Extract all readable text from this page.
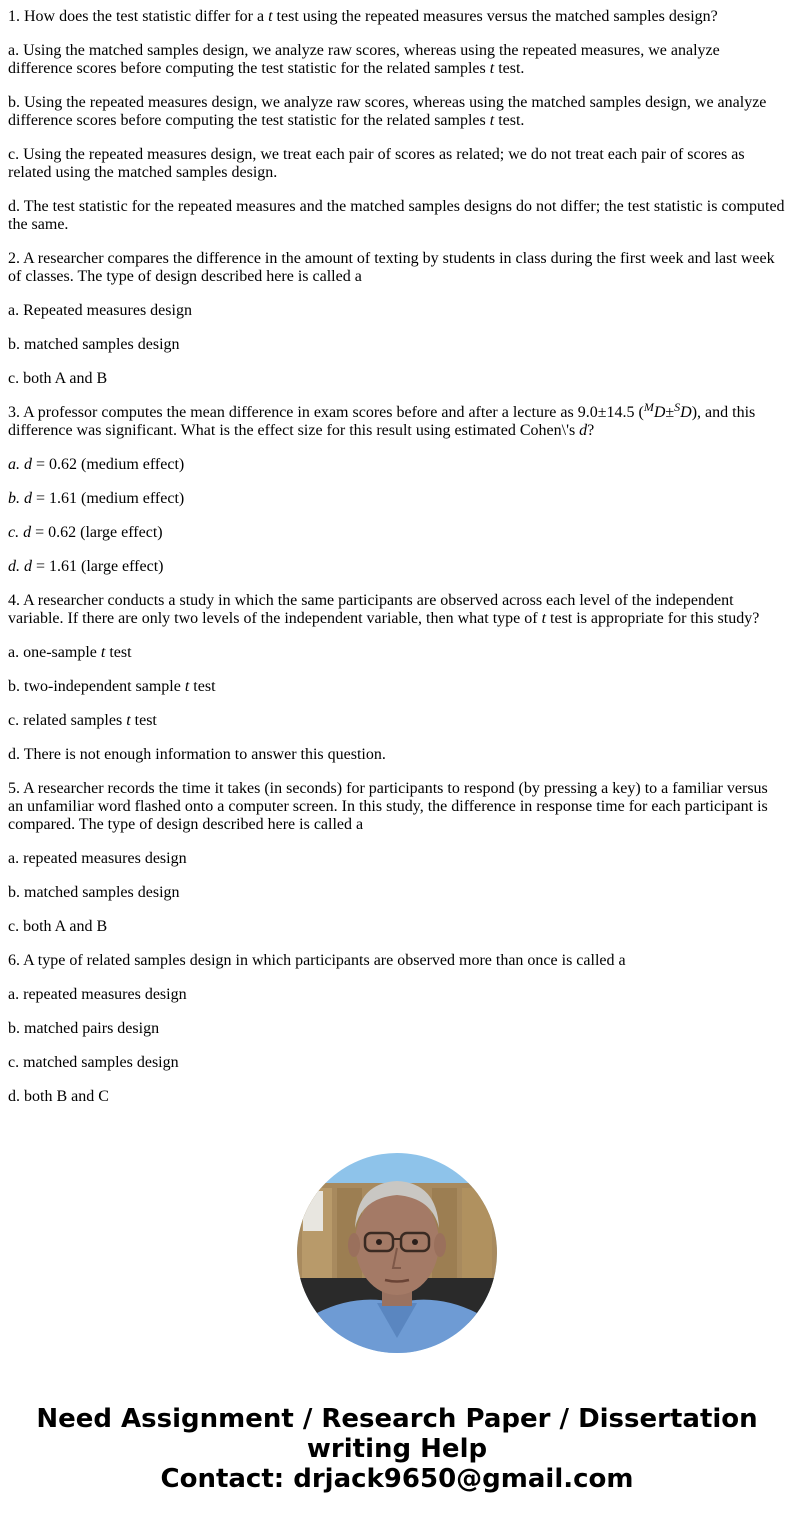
1. How does the test statistic differ for a t test using the repeated measures versus the matched samples design?

a. Using the matched samples design, we analyze raw scores, whereas using the repeated measures, we analyze difference scores before computing the test statistic for the related samples t test.

b. Using the repeated measures design, we analyze raw scores, whereas using the matched samples design, we analyze difference scores before computing the test statistic for the related samples t test.

c. Using the repeated measures design, we treat each pair of scores as related; we do not treat each pair of scores as related using the matched samples design.

d. The test statistic for the repeated measures and the matched samples designs do not differ; the test statistic is computed the same.

2. A researcher compares the difference in the amount of texting by students in class during the first week and last week of classes. The type of design described here is called a

a. Repeated measures design

b. matched samples design

c. both A and B

3. A professor computes the mean difference in exam scores before and after a lecture as 9.0±14.5 ($^M$D±$^S$D), and this difference was significant. What is the effect size for this result using estimated Cohen\'s d?

a. d = 0.62 (medium effect)

b. d = 1.61 (medium effect)

c. d = 0.62 (large effect)

d. d = 1.61 (large effect)

4. A researcher conducts a study in which the same participants are observed across each level of the independent variable. If there are only two levels of the independent variable, then what type of t test is appropriate for this study?

a. one-sample t test

b. two-independent sample t test

c. related samples t test

d. There is not enough information to answer this question.

5. A researcher records the time it takes (in seconds) for participants to respond (by pressing a key) to a familiar versus an unfamiliar word flashed onto a computer screen. In this study, the difference in response time for each participant is compared. The type of design described here is called a

a. repeated measures design

b. matched samples design

c. both A and B

6. A type of related samples design in which participants are observed more than once is called a

a. repeated measures design

b. matched pairs design

c. matched samples design

d. both B and C

Need Assignment / Research Paper / Dissertation
writing Help
Contact: drjack9650@gmail.com
